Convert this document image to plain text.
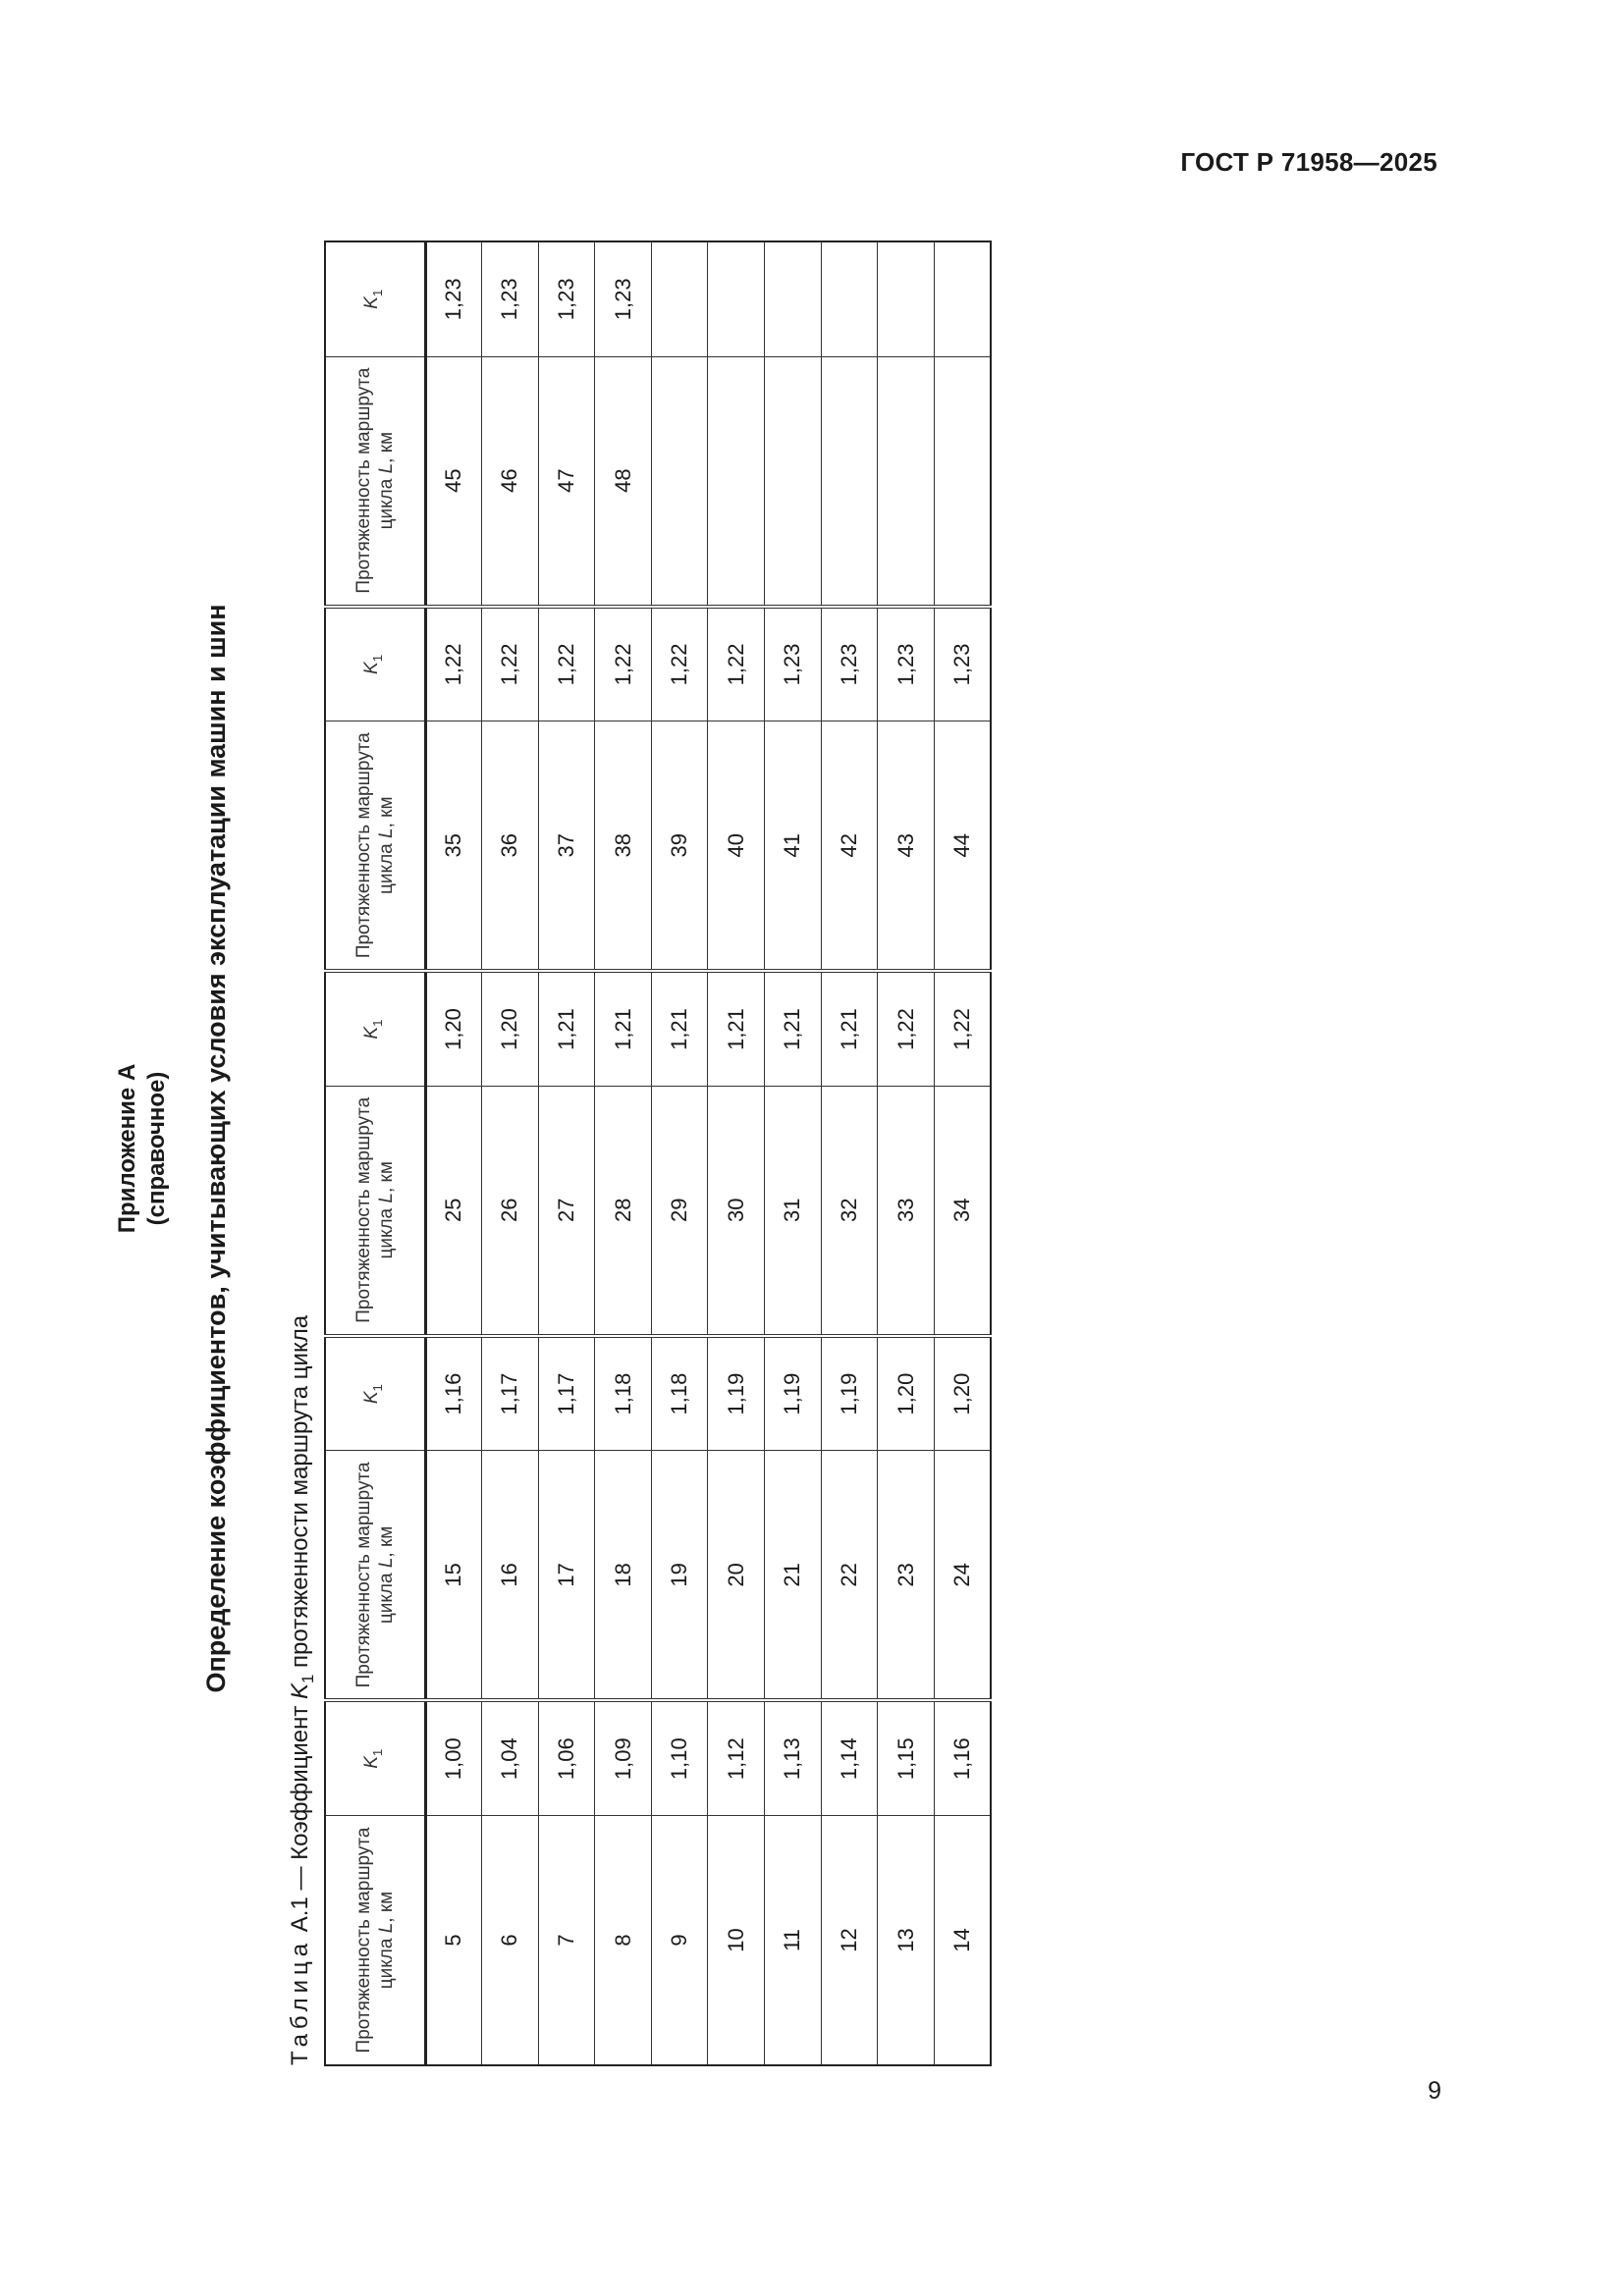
ГОСТ Р 71958—2025
9
Приложение А (справочное) Определение коэффициентов, учитывающих условия эксплуатации машин и шин
Таблица А.1 — Коэффициент $K_1$ протяженности маршрута цикла
Протяженность маршрута цикла L, км	$K_1$	Протяженность маршрута цикла L, км	$K_1$	Протяженность маршрута цикла L, км	$K_1$	Протяженность маршрута цикла L, км	$K_1$	Протяженность маршрута цикла L, км	$K_1$
5	1,00	15	1,16	25	1,20	35	1,22	45	1,23
6	1,04	16	1,17	26	1,20	36	1,22	46	1,23
7	1,06	17	1,17	27	1,21	37	1,22	47	1,23
8	1,09	18	1,18	28	1,21	38	1,22	48	1,23
9	1,10	19	1,18	29	1,21	39	1,22		
10	1,12	20	1,19	30	1,21	40	1,22		
11	1,13	21	1,19	31	1,21	41	1,23		
12	1,14	22	1,19	32	1,21	42	1,23		
13	1,15	23	1,20	33	1,22	43	1,23		
14	1,16	24	1,20	34	1,22	44	1,23		
